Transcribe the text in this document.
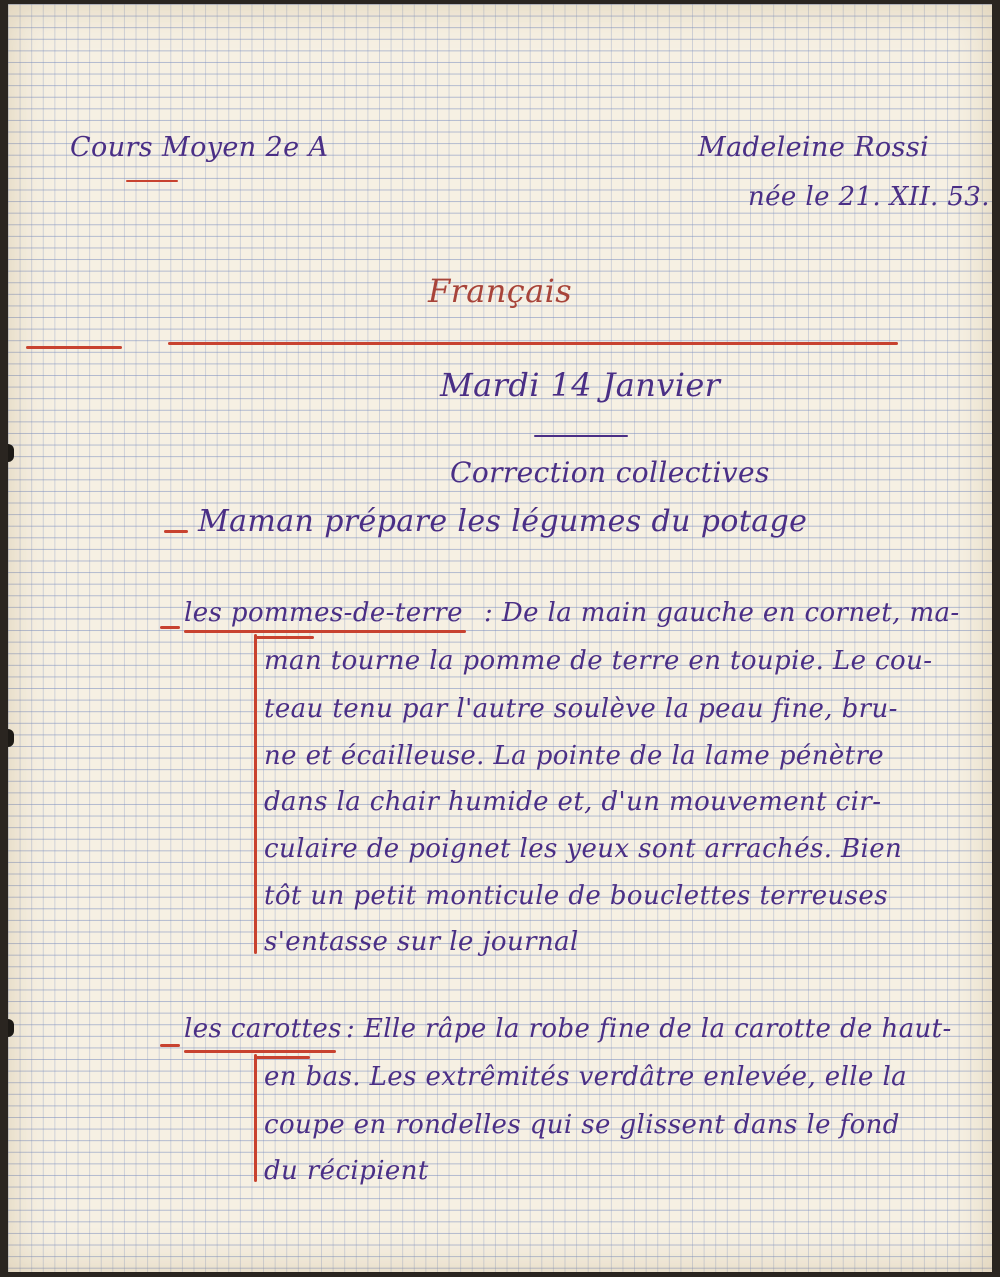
Cours Moyen 2e A	Madeleine Rossi
née le 21. XII. 53.
Français
Mardi 14 Janvier
Correction collectives
Maman prépare les légumes du potage
les pommes-de-terre : De la main gauche en cornet, ma-
man tourne la pomme de terre en toupie. Le cou-
teau tenu par l'autre soulève la peau fine, bru-
ne et écailleuse. La pointe de la lame pénètre
dans la chair humide et, d'un mouvement cir-
culaire de poignet les yeux sont arrachés. Bien
tôt un petit monticule de bouclettes terreuses
s'entasse sur le journal
les carottes : Elle râpe la robe fine de la carotte de haut-
en bas. Les extrêmités verdâtre enlevée, elle la
coupe en rondelles qui se glissent dans le fond
du récipient
